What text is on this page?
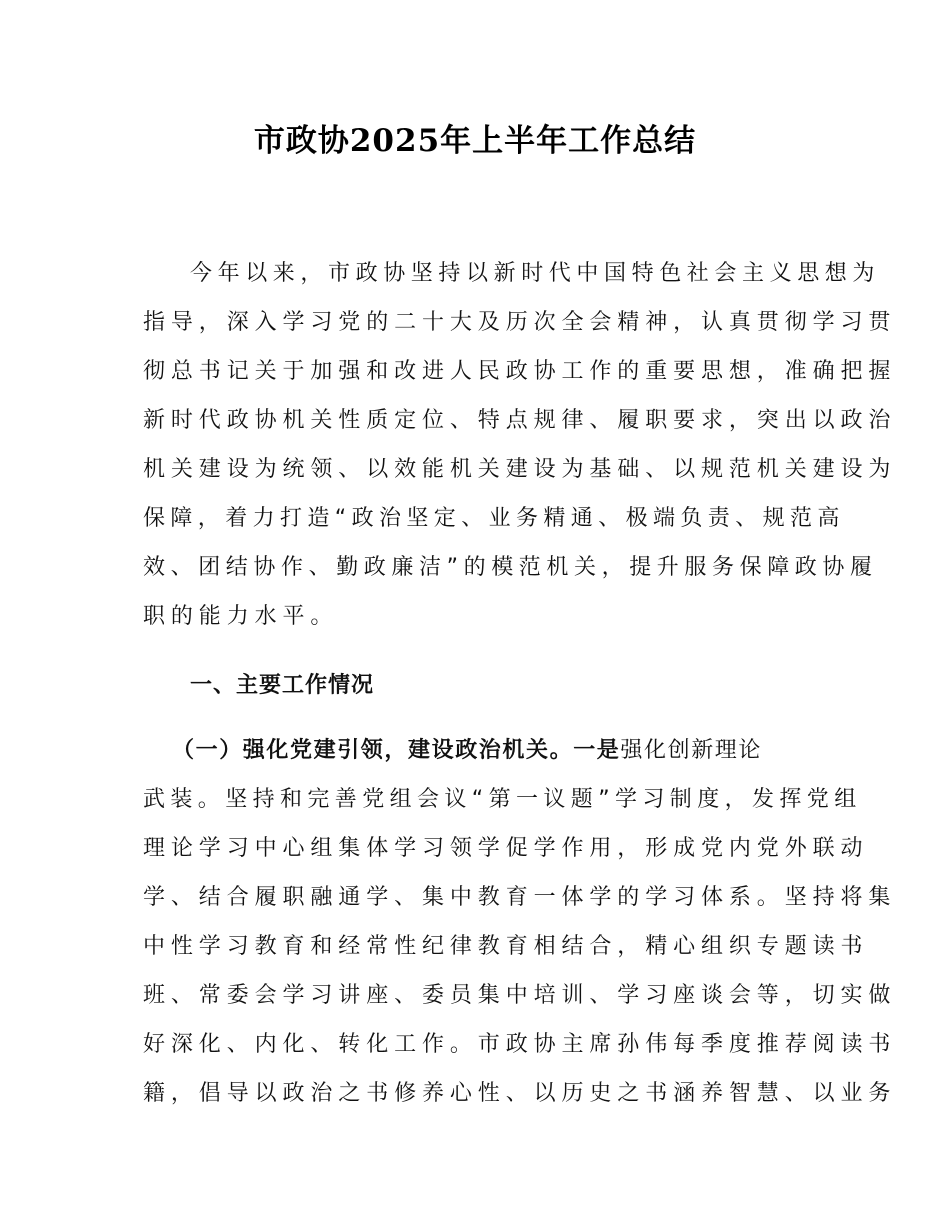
市政协2025年上半年工作总结
今年以来，市政协坚持以新时代中国特色社会主义思想为
指导，深入学习党的二十大及历次全会精神，认真贯彻学习贯
彻总书记关于加强和改进人民政协工作的重要思想，准确把握
新时代政协机关性质定位、特点规律、履职要求，突出以政治
机关建设为统领、以效能机关建设为基础、以规范机关建设为
保障，着力打造“政治坚定、业务精通、极端负责、规范高
效、团结协作、勤政廉洁”的模范机关，提升服务保障政协履
职的能力水平。
一、主要工作情况
（一）强化党建引领，建设政治机关。一是强化创新理论
武装。坚持和完善党组会议“第一议题”学习制度，发挥党组
理论学习中心组集体学习领学促学作用，形成党内党外联动
学、结合履职融通学、集中教育一体学的学习体系。坚持将集
中性学习教育和经常性纪律教育相结合，精心组织专题读书
班、常委会学习讲座、委员集中培训、学习座谈会等，切实做
好深化、内化、转化工作。市政协主席孙伟每季度推荐阅读书
籍，倡导以政治之书修养心性、以历史之书涵养智慧、以业务
